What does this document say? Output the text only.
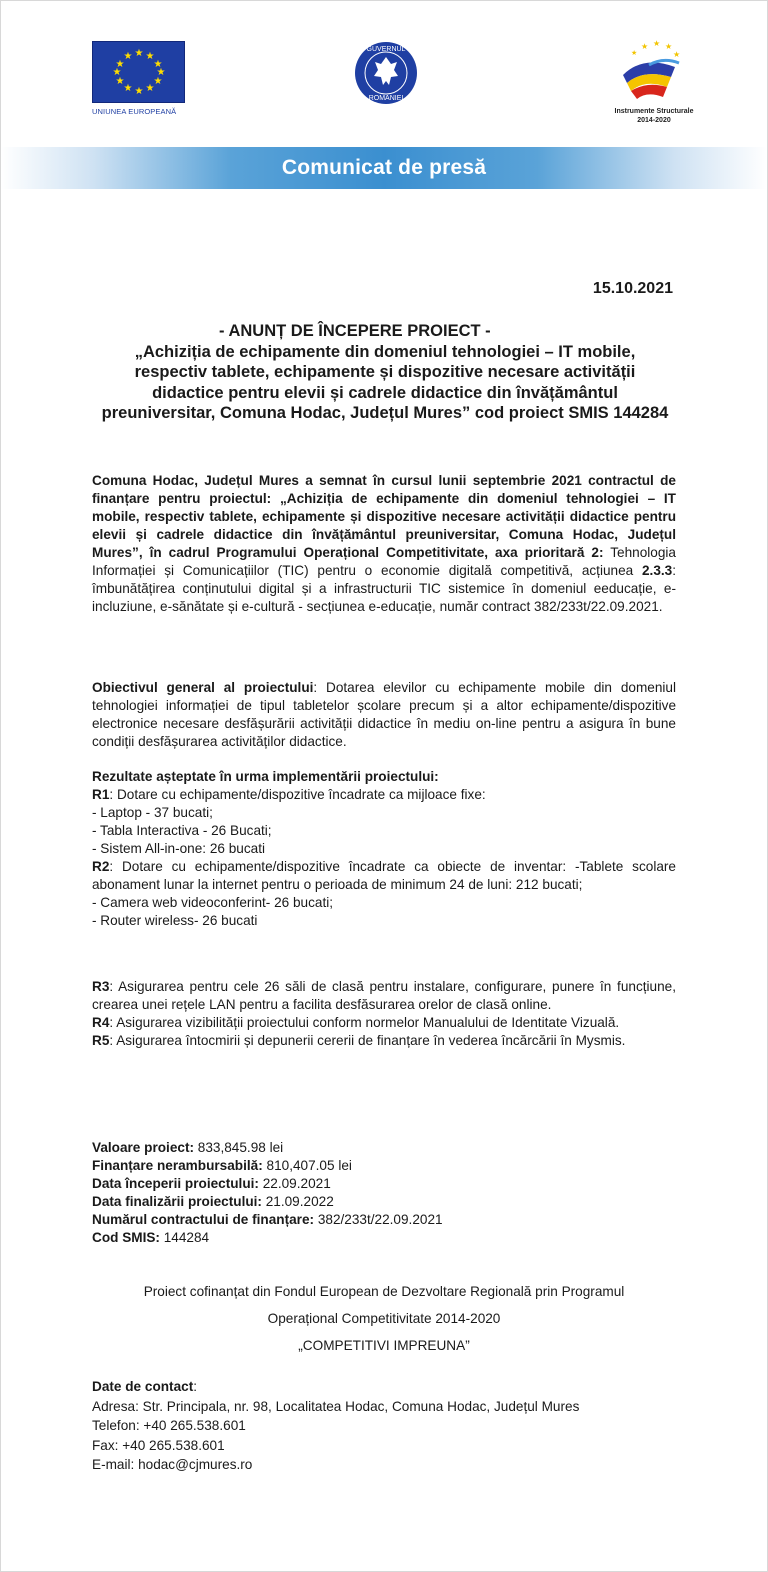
★ ★
★
★
★
★
★
★
★
★
★
★
UNIUNEA EUROPEANĂ
GUVERNUL
ROMÂNIEI
★ ★ ★
★
★
Instrumente Structurale
2014-2020
Comunicat de presă
15.10.2021
- ANUNȚ DE ÎNCEPERE PROIECT -
„Achiziția de echipamente din domeniul tehnologiei – IT mobile, respectiv tablete, echipamente și dispozitive necesare activității didactice pentru elevii și cadrele didactice din învățământul preuniversitar, Comuna Hodac, Județul Mures” cod proiect SMIS 144284
Comuna Hodac, Județul Mures a semnat în cursul lunii septembrie 2021 contractul de finanțare pentru proiectul: „Achiziția de echipamente din domeniul tehnologiei – IT mobile, respectiv tablete, echipamente și dispozitive necesare activității didactice pentru elevii și cadrele didactice din învățământul preuniversitar, Comuna Hodac, Județul Mures”, în cadrul Programului Operațional Competitivitate, axa prioritară 2: Tehnologia Informației și Comunicațiilor (TIC) pentru o economie digitală competitivă, acțiunea 2.3.3: îmbunătățirea conținutului digital și a infrastructurii TIC sistemice în domeniul eeducație, e-incluziune, e-sănătate și e-cultură - secțiunea e-educație, număr contract 382/233t/22.09.2021.
Obiectivul general al proiectului: Dotarea elevilor cu echipamente mobile din domeniul tehnologiei informației de tipul tabletelor școlare precum și a altor echipamente/dispozitive electronice necesare desfășurării activității didactice în mediu on-line pentru a asigura în bune condiții desfășurarea activităților didactice.
Rezultate așteptate în urma implementării proiectului:
R1: Dotare cu echipamente/dispozitive încadrate ca mijloace fixe:
- Laptop - 37 bucati;
- Tabla Interactiva - 26 Bucati;
- Sistem All-in-one: 26 bucati
R2: Dotare cu echipamente/dispozitive încadrate ca obiecte de inventar: -Tablete scolare abonament lunar la internet pentru o perioada de minimum 24 de luni: 212 bucati;
- Camera web videoconferint- 26 bucati;
- Router wireless- 26 bucati
R3: Asigurarea pentru cele 26 săli de clasă pentru instalare, configurare, punere în funcțiune, crearea unei rețele LAN pentru a facilita desfăsurarea orelor de clasă online.
R4: Asigurarea vizibilității proiectului conform normelor Manualului de Identitate Vizuală.
R5: Asigurarea întocmirii și depunerii cererii de finanțare în vederea încărcării în Mysmis.
Valoare proiect: 833,845.98 lei
Finanțare nerambursabilă: 810,407.05 lei
Data începerii proiectului: 22.09.2021
Data finalizării proiectului: 21.09.2022
Numărul contractului de finanțare: 382/233t/22.09.2021
Cod SMIS: 144284
Proiect cofinanțat din Fondul European de Dezvoltare Regională prin Programul
Operațional Competitivitate 2014-2020
„COMPETITIVI IMPREUNA”
Date de contact:
Adresa: Str. Principala, nr. 98, Localitatea Hodac, Comuna Hodac, Județul Mures
Telefon: +40 265.538.601
Fax: +40 265.538.601
E-mail: hodac@cjmures.ro
